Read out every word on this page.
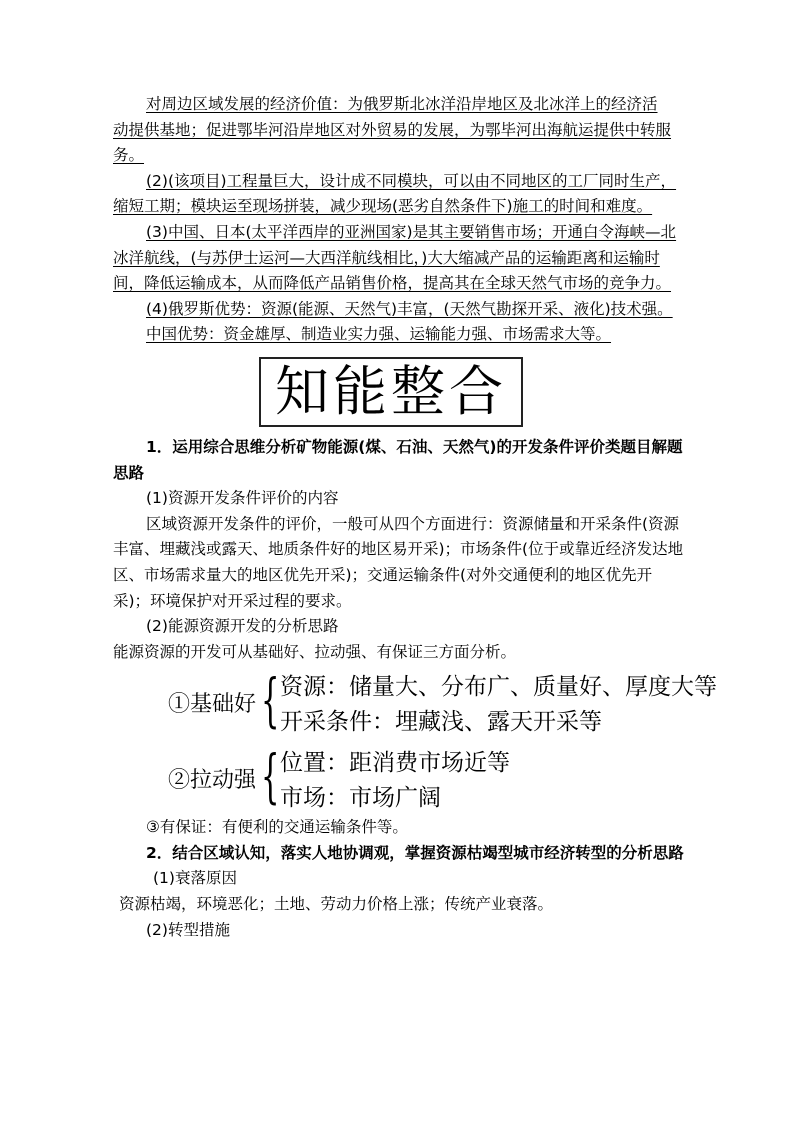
对周边区域发展的经济价值：为俄罗斯北冰洋沿岸地区及北冰洋上的经济活

动提供基地；促进鄂毕河沿岸地区对外贸易的发展，为鄂毕河出海航运提供中转服务。

(2)(该项目)工程量巨大，设计成不同模块，可以由不同地区的工厂同时生产，缩短工期；模块运至现场拼装，减少现场(恶劣自然条件下)施工的时间和难度。

(3)中国、日本(太平洋西岸的亚洲国家)是其主要销售市场；开通白令海峡—北冰洋航线，(与苏伊士运河—大西洋航线相比，)大大缩减产品的运输距离和运输时间，降低运输成本，从而降低产品销售价格，提高其在全球天然气市场的竞争力。

(4)俄罗斯优势：资源(能源、天然气)丰富，(天然气勘探开采、液化)技术强。

中国优势：资金雄厚、制造业实力强、运输能力强、市场需求大等。

知能整合

1．运用综合思维分析矿物能源(煤、石油、天然气)的开发条件评价类题目解题思路

(1)资源开发条件评价的内容

区域资源开发条件的评价，一般可从四个方面进行：资源储量和开采条件(资源丰富、埋藏浅或露天、地质条件好的地区易开采)；市场条件(位于或靠近经济发达地区、市场需求量大的地区优先开采)；交通运输条件(对外交通便利的地区优先开采)；环境保护对开采过程的要求。

(2)能源资源开发的分析思路

能源资源的开发可从基础好、拉动强、有保证三方面分析。

①基础好 { 资源：储量大、分布广、质量好、厚度大等
开采条件：埋藏浅、露天开采等
②拉动强 { 位置：距消费市场近等
市场：市场广阔

③有保证：有便利的交通运输条件等。

2．结合区域认知，落实人地协调观，掌握资源枯竭型城市经济转型的分析思路

(1)衰落原因

资源枯竭，环境恶化；土地、劳动力价格上涨；传统产业衰落。

(2)转型措施
